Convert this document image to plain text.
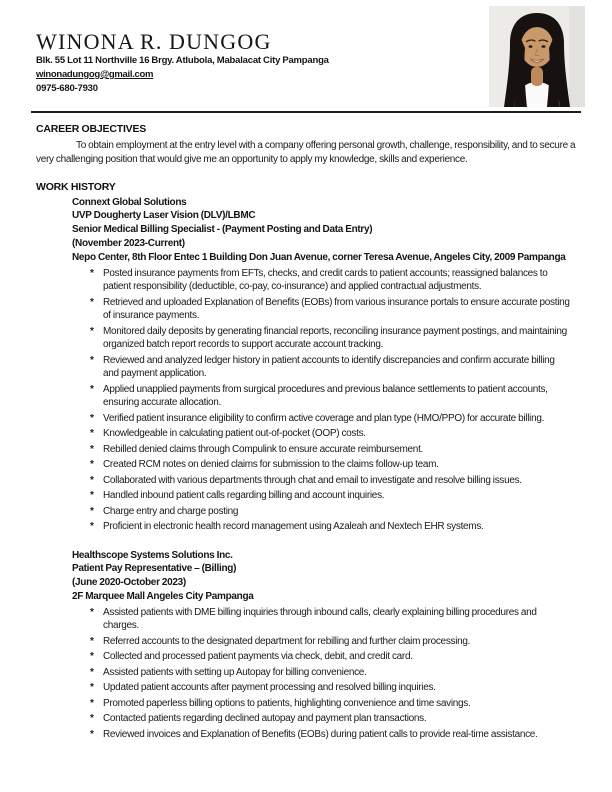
WINONA R. DUNGOG
Blk. 55 Lot 11 Northville 16 Brgy. Atlubola, Mabalacat City Pampanga
winonadungog@gmail.com
0975-680-7930
CAREER OBJECTIVES

To obtain employment at the entry level with a company offering personal growth, challenge, responsibility, and to secure a very challenging position that would give me an opportunity to apply my knowledge, skills and experience.

WORK HISTORY
Connext Global Solutions
UVP Dougherty Laser Vision (DLV)/LBMC
Senior Medical Billing Specialist - (Payment Posting and Data Entry)
(November 2023-Current)
Nepo Center, 8th Floor Entec 1 Building Don Juan Avenue, corner Teresa Avenue, Angeles City, 2009 Pampanga
* Posted insurance payments from EFTs, checks, and credit cards to patient accounts; reassigned balances to patient responsibility (deductible, co-pay, co-insurance) and applied contractual adjustments.
* Retrieved and uploaded Explanation of Benefits (EOBs) from various insurance portals to ensure accurate posting of insurance payments.
* Monitored daily deposits by generating financial reports, reconciling insurance payment postings, and maintaining organized batch report records to support accurate account tracking.
* Reviewed and analyzed ledger history in patient accounts to identify discrepancies and confirm accurate billing and payment application.
* Applied unapplied payments from surgical procedures and previous balance settlements to patient accounts, ensuring accurate allocation.
* Verified patient insurance eligibility to confirm active coverage and plan type (HMO/PPO) for accurate billing.
* Knowledgeable in calculating patient out-of-pocket (OOP) costs.
* Rebilled denied claims through Compulink to ensure accurate reimbursement.
* Created RCM notes on denied claims for submission to the claims follow-up team.
* Collaborated with various departments through chat and email to investigate and resolve billing issues.
* Handled inbound patient calls regarding billing and account inquiries.
* Charge entry and charge posting
* Proficient in electronic health record management using Azaleah and Nextech EHR systems.
Healthscope Systems Solutions Inc.
Patient Pay Representative – (Billing)
(June 2020-October 2023)
2F Marquee Mall Angeles City Pampanga
* Assisted patients with DME billing inquiries through inbound calls, clearly explaining billing procedures and charges.
* Referred accounts to the designated department for rebilling and further claim processing.
* Collected and processed patient payments via check, debit, and credit card.
* Assisted patients with setting up Autopay for billing convenience.
* Updated patient accounts after payment processing and resolved billing inquiries.
* Promoted paperless billing options to patients, highlighting convenience and time savings.
* Contacted patients regarding declined autopay and payment plan transactions.
* Reviewed invoices and Explanation of Benefits (EOBs) during patient calls to provide real-time assistance.
